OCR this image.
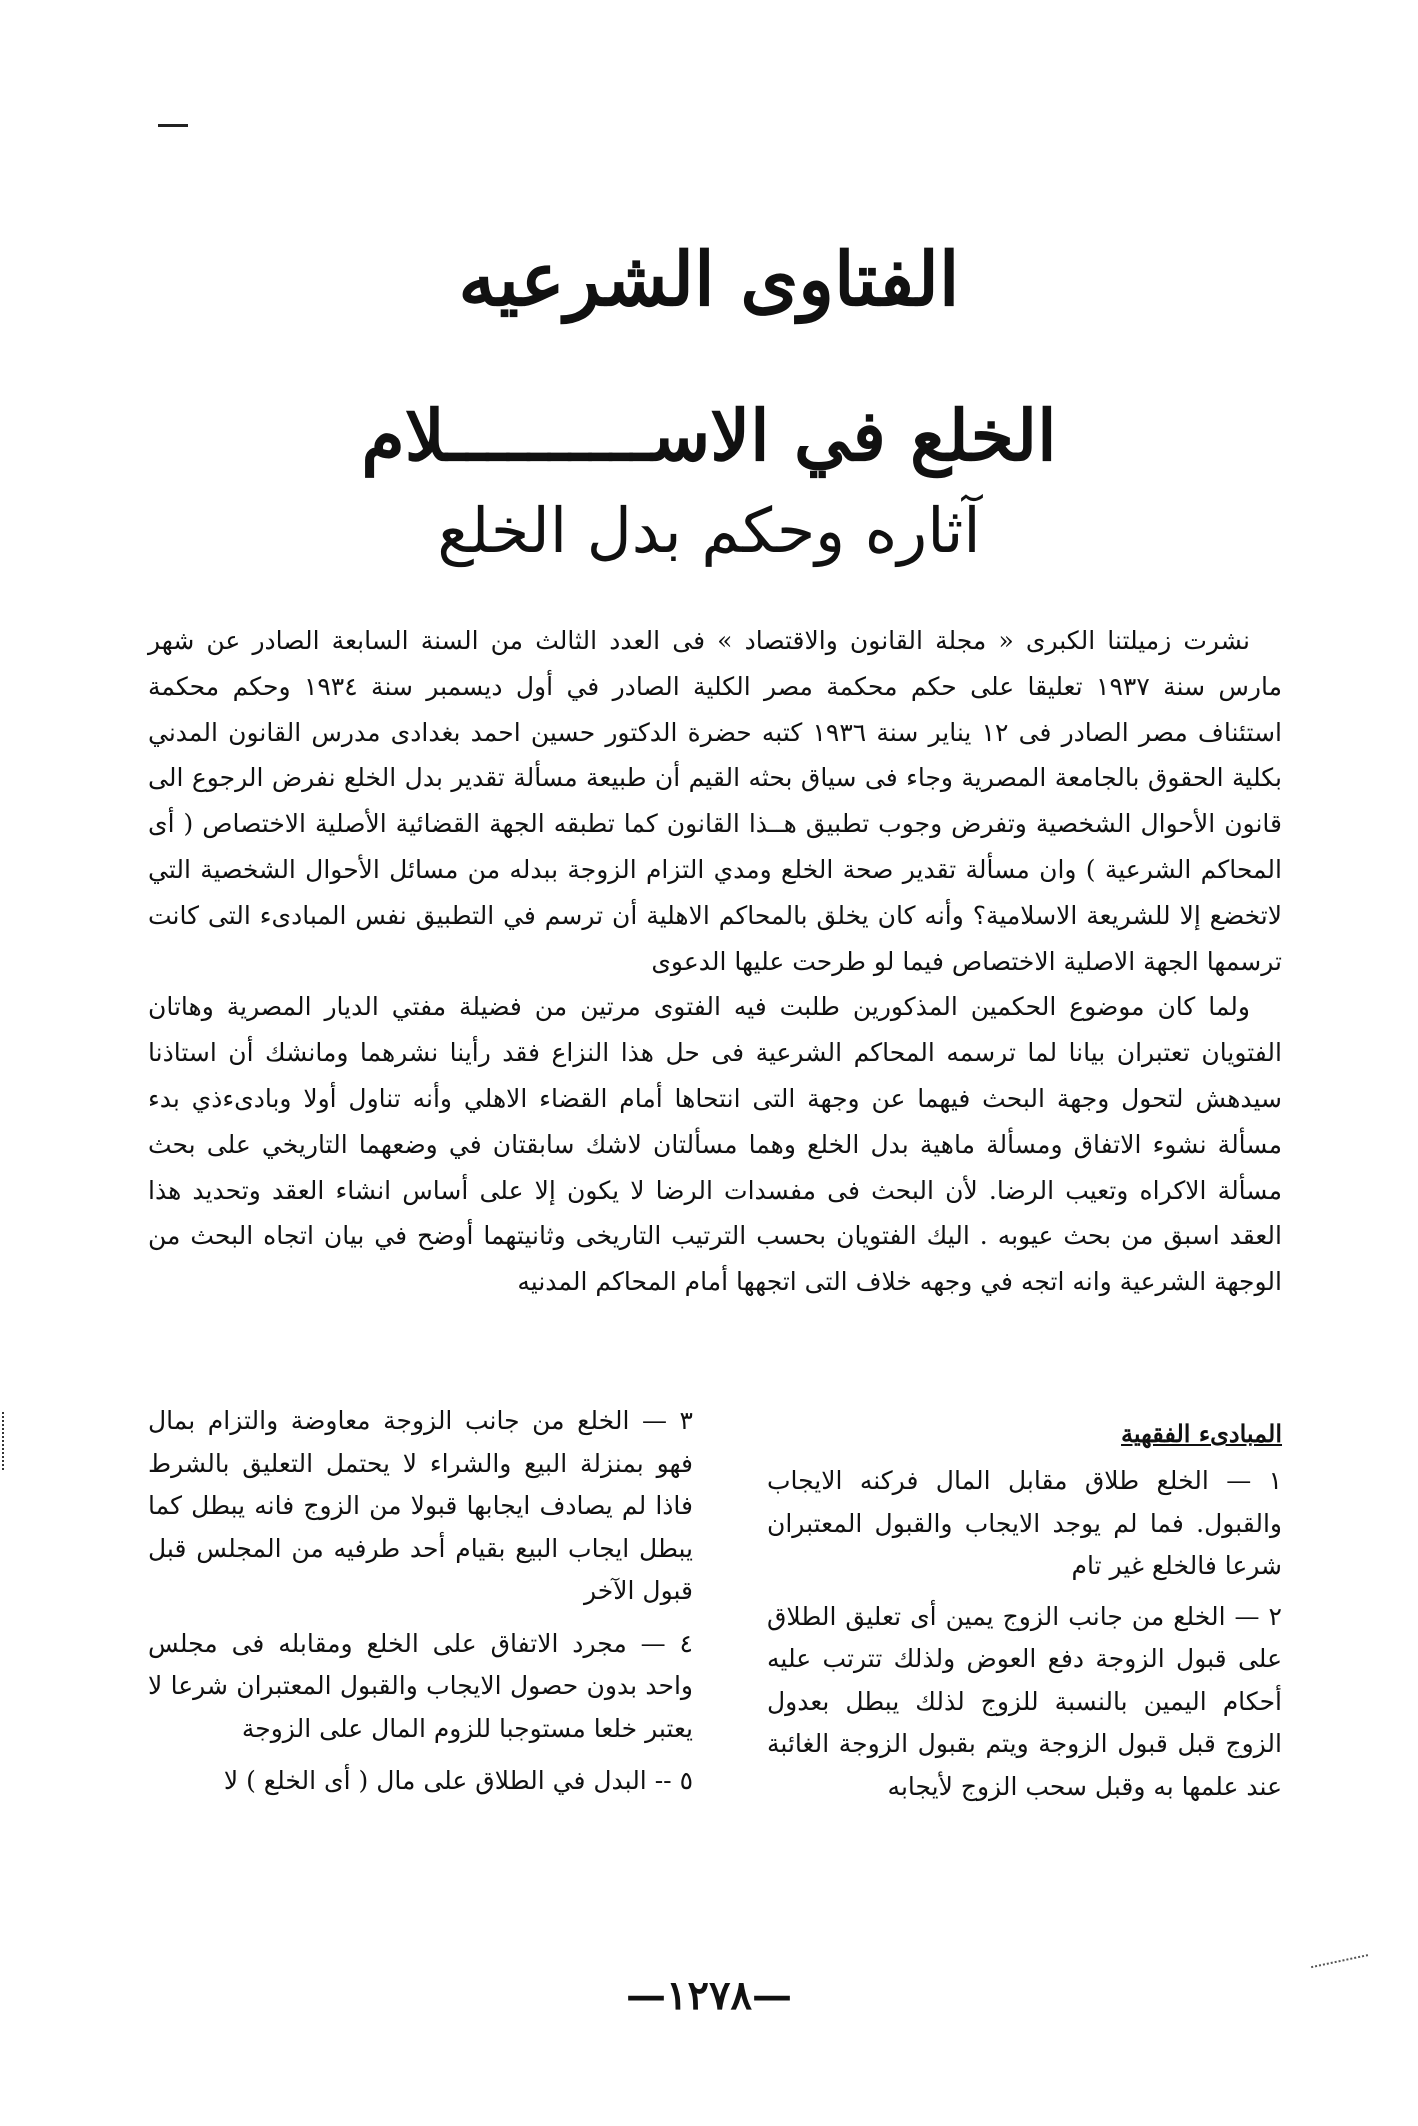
الفتاوى الشرعيه
الخلع في الاســــــــــلام
آثاره وحكم بدل الخلع

نشرت زميلتنا الكبرى « مجلة القانون والاقتصاد » فى العدد الثالث من السنة السابعة الصادر عن شهر مارس سنة ١٩٣٧ تعليقا على حكم محكمة مصر الكلية الصادر في أول ديسمبر سنة ١٩٣٤ وحكم محكمة استئناف مصر الصادر فى ١٢ يناير سنة ١٩٣٦ كتبه حضرة الدكتور حسين احمد بغدادى مدرس القانون المدني بكلية الحقوق بالجامعة المصرية وجاء فى سياق بحثه القيم أن طبيعة مسألة تقدير بدل الخلع نفرض الرجوع الى قانون الأحوال الشخصية وتفرض وجوب تطبيق هــذا القانون كما تطبقه الجهة القضائية الأصلية الاختصاص ( أى المحاكم الشرعية ) وان مسألة تقدير صحة الخلع ومدي التزام الزوجة ببدله من مسائل الأحوال الشخصية التي لاتخضع إلا للشريعة الاسلامية؟ وأنه كان يخلق بالمحاكم الاهلية أن ترسم في التطبيق نفس المبادىء التى كانت ترسمها الجهة الاصلية الاختصاص فيما لو طرحت عليها الدعوى

ولما كان موضوع الحكمين المذكورين طلبت فيه الفتوى مرتين من فضيلة مفتي الديار المصرية وهاتان الفتويان تعتبران بيانا لما ترسمه المحاكم الشرعية فى حل هذا النزاع فقد رأينا نشرهما ومانشك أن استاذنا سيدهش لتحول وجهة البحث فيهما عن وجهة التى انتحاها أمام القضاء الاهلي وأنه تناول أولا وبادىءذي بدء مسألة نشوء الاتفاق ومسألة ماهية بدل الخلع وهما مسألتان لاشك سابقتان في وضعهما التاريخي على بحث مسألة الاكراه وتعيب الرضا. لأن البحث فى مفسدات الرضا لا يكون إلا على أساس انشاء العقد وتحديد هذا العقد اسبق من بحث عيوبه . اليك الفتويان بحسب الترتيب التاريخى وثانيتهما أوضح في بيان اتجاه البحث من الوجهة الشرعية وانه اتجه في وجهه خلاف التى اتجهها أمام المحاكم المدنيه

المبادىء الفقهية
١ — الخلع طلاق مقابل المال فركنه الايجاب والقبول. فما لم يوجد الايجاب والقبول المعتبران شرعا فالخلع غير تام
٢ — الخلع من جانب الزوج يمين أى تعليق الطلاق على قبول الزوجة دفع العوض ولذلك تترتب عليه أحكام اليمين بالنسبة للزوج لذلك يبطل بعدول الزوج قبل قبول الزوجة ويتم بقبول الزوجة الغائبة عند علمها به وقبل سحب الزوج لأيجابه
٣ — الخلع من جانب الزوجة معاوضة والتزام بمال فهو بمنزلة البيع والشراء لا يحتمل التعليق بالشرط فاذا لم يصادف ايجابها قبولا من الزوج فانه يبطل كما يبطل ايجاب البيع بقيام أحد طرفيه من المجلس قبل قبول الآخر
٤ — مجرد الاتفاق على الخلع ومقابله فى مجلس واحد بدون حصول الايجاب والقبول المعتبران شرعا لا يعتبر خلعا مستوجبا للزوم المال على الزوجة
٥ -- البدل في الطلاق على مال ( أى الخلع ) لا
—١٢٧٨—
